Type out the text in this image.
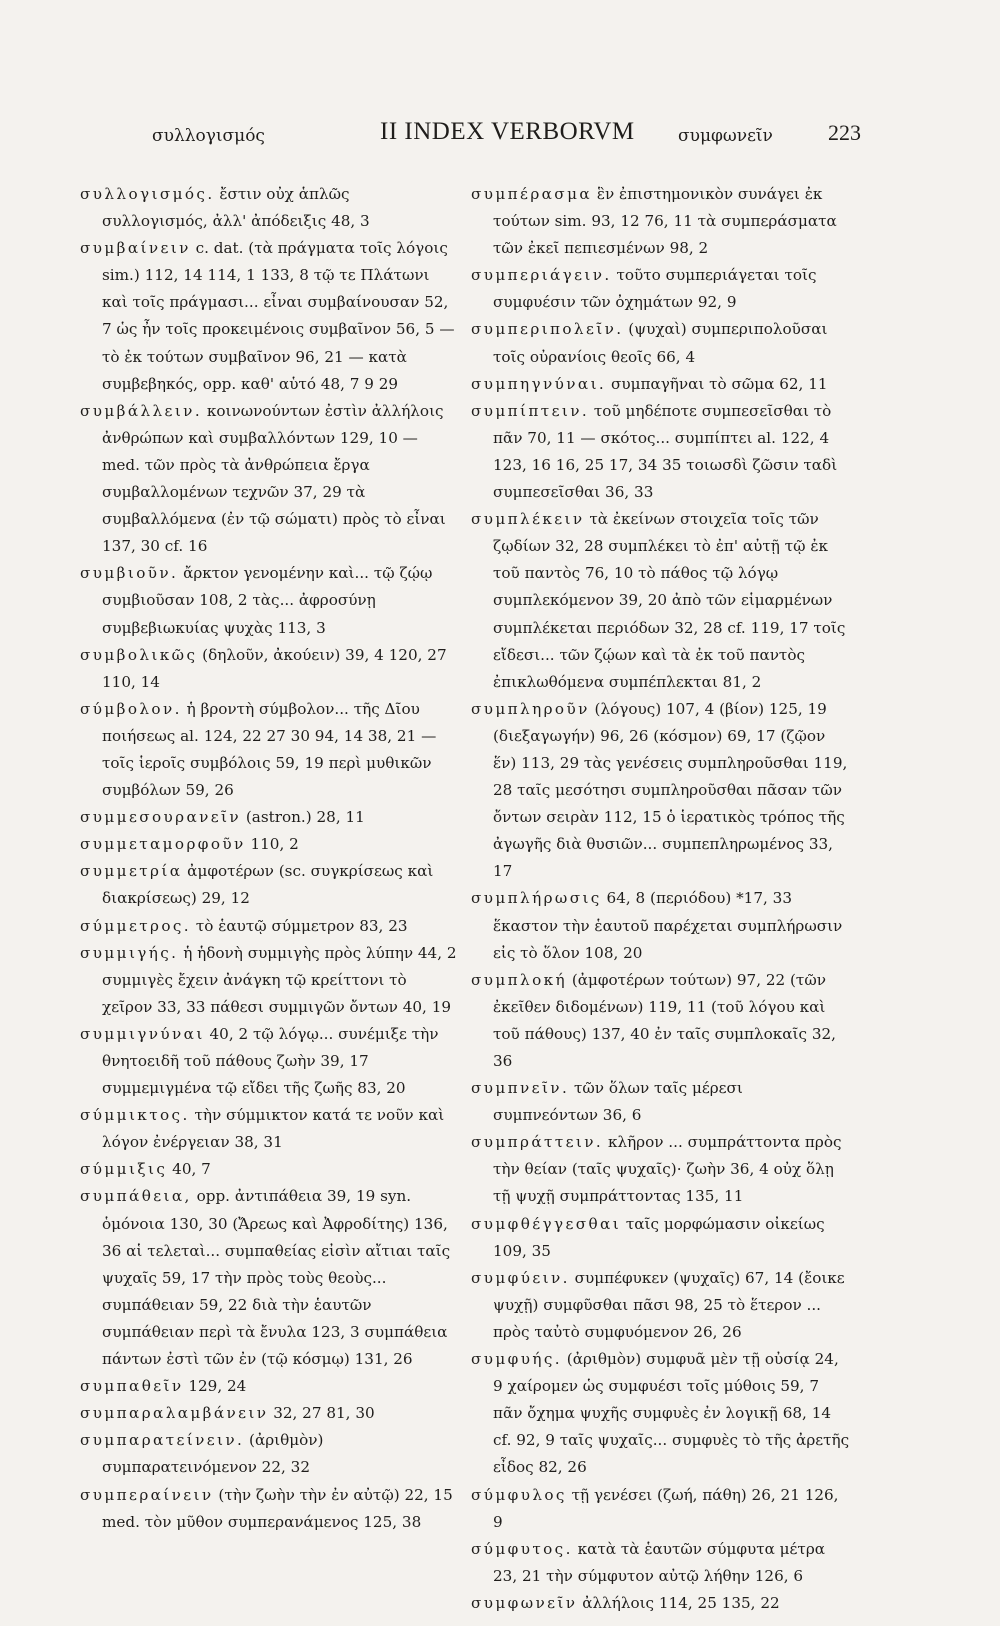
συλλογισμός	II INDEX VERBORVM	συμφωνεῖν	223

συλλογισμός. ἔστιν οὐχ ἁπλῶς συλλογισμός, ἀλλ' ἀπόδειξις 48, 3

συμβαίνειν c. dat. (τὰ πράγματα τοῖς λόγοις sim.) 112, 14 114, 1 133, 8 τῷ τε Πλάτωνι καὶ τοῖς πράγμασι... εἶναι συμβαίνουσαν 52, 7 ὡς ἦν τοῖς προκειμένοις συμβαῖνον 56, 5 — τὸ ἐκ τούτων συμβαῖνον 96, 21 — κατὰ συμβεβηκός, opp. καθ' αὑτό 48, 7 9 29

συμβάλλειν. κοινωνούντων ἐστὶν ἀλλήλοις ἀνθρώπων καὶ συμβαλλόντων 129, 10 — med. τῶν πρὸς τὰ ἀνθρώπεια ἔργα συμβαλλομένων τεχνῶν 37, 29 τὰ συμβαλλόμενα (ἐν τῷ σώματι) πρὸς τὸ εἶναι 137, 30 cf. 16

συμβιοῦν. ἄρκτον γενομένην καὶ... τῷ ζῴῳ συμβιοῦσαν 108, 2 τὰς... ἀφροσύνῃ συμβεβιωκυίας ψυχὰς 113, 3

συμβολικῶς (δηλοῦν, ἀκούειν) 39, 4 120, 27 110, 14

σύμβολον. ἡ βροντὴ σύμβολον... τῆς Δῖου ποιήσεως al. 124, 22 27 30 94, 14 38, 21 — τοῖς ἱεροῖς συμβόλοις 59, 19 περὶ μυθικῶν συμβόλων 59, 26

συμμεσουρανεῖν (astron.) 28, 11

συμμεταμορφοῦν 110, 2

συμμετρία ἀμφοτέρων (sc. συγκρίσεως καὶ διακρίσεως) 29, 12

σύμμετρος. τὸ ἑαυτῷ σύμμετρον 83, 23

συμμιγής. ἡ ἡδονὴ συμμιγὴς πρὸς λύπην 44, 2 συμμιγὲς ἔχειν ἀνάγκη τῷ κρείττονι τὸ χεῖρον 33, 33 πάθεσι συμμιγῶν ὄντων 40, 19

συμμιγνύναι 40, 2 τῷ λόγῳ... συνέμιξε τὴν θνητοειδῆ τοῦ πάθους ζωὴν 39, 17 συμμεμιγμένα τῷ εἴδει τῆς ζωῆς 83, 20

σύμμικτος. τὴν σύμμικτον κατά τε νοῦν καὶ λόγον ἐνέργειαν 38, 31

σύμμιξις 40, 7

συμπάθεια, opp. ἀντιπάθεια 39, 19 syn. ὁμόνοια 130, 30 (Ἄρεως καὶ Ἀφροδίτης) 136, 36 αἱ τελεταὶ... συμπαθείας εἰσὶν αἴτιαι ταῖς ψυχαῖς 59, 17 τὴν πρὸς τοὺς θεοὺς... συμπάθειαν 59, 22 διὰ τὴν ἑαυτῶν συμπάθειαν περὶ τὰ ἔνυλα 123, 3 συμπάθεια πάντων ἐστὶ τῶν ἐν (τῷ κόσμῳ) 131, 26

συμπαθεῖν 129, 24

συμπαραλαμβάνειν 32, 27 81, 30

συμπαρατείνειν. (ἀριθμὸν) συμπαρατεινόμενον 22, 32

συμπεραίνειν (τὴν ζωὴν τὴν ἐν αὐτῷ) 22, 15 med. τὸν μῦθον συμπερανάμενος 125, 38

συμπέρασμα ἓν ἐπιστημονικὸν συνάγει ἐκ τούτων sim. 93, 12 76, 11 τὰ συμπεράσματα τῶν ἐκεῖ πεπιεσμένων 98, 2

συμπεριάγειν. τοῦτο συμπεριάγεται τοῖς συμφυέσιν τῶν ὀχημάτων 92, 9

συμπεριπολεῖν. (ψυχαὶ) συμπεριπολοῦσαι τοῖς οὐρανίοις θεοῖς 66, 4

συμπηγνύναι. συμπαγῆναι τὸ σῶμα 62, 11

συμπίπτειν. τοῦ μηδέποτε συμπεσεῖσθαι τὸ πᾶν 70, 11 — σκότος... συμπίπτει al. 122, 4 123, 16 16, 25 17, 34 35 τοιωσδὶ ζῶσιν ταδὶ συμπεσεῖσθαι 36, 33

συμπλέκειν τὰ ἐκείνων στοιχεῖα τοῖς τῶν ζῳδίων 32, 28 συμπλέκει τὸ ἐπ' αὐτῇ τῷ ἐκ τοῦ παντὸς 76, 10 τὸ πάθος τῷ λόγῳ συμπλεκόμενον 39, 20 ἀπὸ τῶν εἱμαρμένων συμπλέκεται περιόδων 32, 28 cf. 119, 17 τοῖς εἴδεσι... τῶν ζῴων καὶ τὰ ἐκ τοῦ παντὸς ἐπικλωθόμενα συμπέπλεκται 81, 2

συμπληροῦν (λόγους) 107, 4 (βίον) 125, 19 (διεξαγωγήν) 96, 26 (κόσμον) 69, 17 (ζῷον ἕν) 113, 29 τὰς γενέσεις συμπληροῦσθαι 119, 28 ταῖς μεσότησι συμπληροῦσθαι πᾶσαν τῶν ὄντων σειρὰν 112, 15 ὁ ἱερατικὸς τρόπος τῆς ἀγωγῆς διὰ θυσιῶν... συμπεπληρωμένος 33, 17

συμπλήρωσις 64, 8 (περιόδου) *17, 33 ἕκαστον τὴν ἑαυτοῦ παρέχεται συμπλήρωσιν εἰς τὸ ὅλον 108, 20

συμπλοκή (ἀμφοτέρων τούτων) 97, 22 (τῶν ἐκεῖθεν διδομένων) 119, 11 (τοῦ λόγου καὶ τοῦ πάθους) 137, 40 ἐν ταῖς συμπλοκαῖς 32, 36

συμπνεῖν. τῶν ὅλων ταῖς μέρεσι συμπνεόντων 36, 6

συμπράττειν. κλῆρον ... συμπράττοντα πρὸς τὴν θείαν (ταῖς ψυχαῖς)· ζωὴν 36, 4 οὐχ ὅλῃ τῇ ψυχῇ συμπράττοντας 135, 11

συμφθέγγεσθαι ταῖς μορφώμασιν οἰκείως 109, 35

συμφύειν. συμπέφυκεν (ψυχαῖς) 67, 14 (ἔοικε ψυχῇ) συμφῦσθαι πᾶσι 98, 25 τὸ ἕτερον ... πρὸς ταὐτὸ συμφυόμενον 26, 26

συμφυής. (ἀριθμὸν) συμφυᾶ μὲν τῇ οὐσίᾳ 24, 9 χαίρομεν ὡς συμφυέσι τοῖς μύθοις 59, 7 πᾶν ὄχημα ψυχῆς συμφυὲς ἐν λογικῇ 68, 14 cf. 92, 9 ταῖς ψυχαῖς... συμφυὲς τὸ τῆς ἀρετῆς εἶδος 82, 26

σύμφυλος τῇ γενέσει (ζωή, πάθη) 26, 21 126, 9

σύμφυτος. κατὰ τὰ ἑαυτῶν σύμφυτα μέτρα 23, 21 τὴν σύμφυτον αὐτῷ λήθην 126, 6

συμφωνεῖν ἀλλήλοις 114, 25 135, 22
